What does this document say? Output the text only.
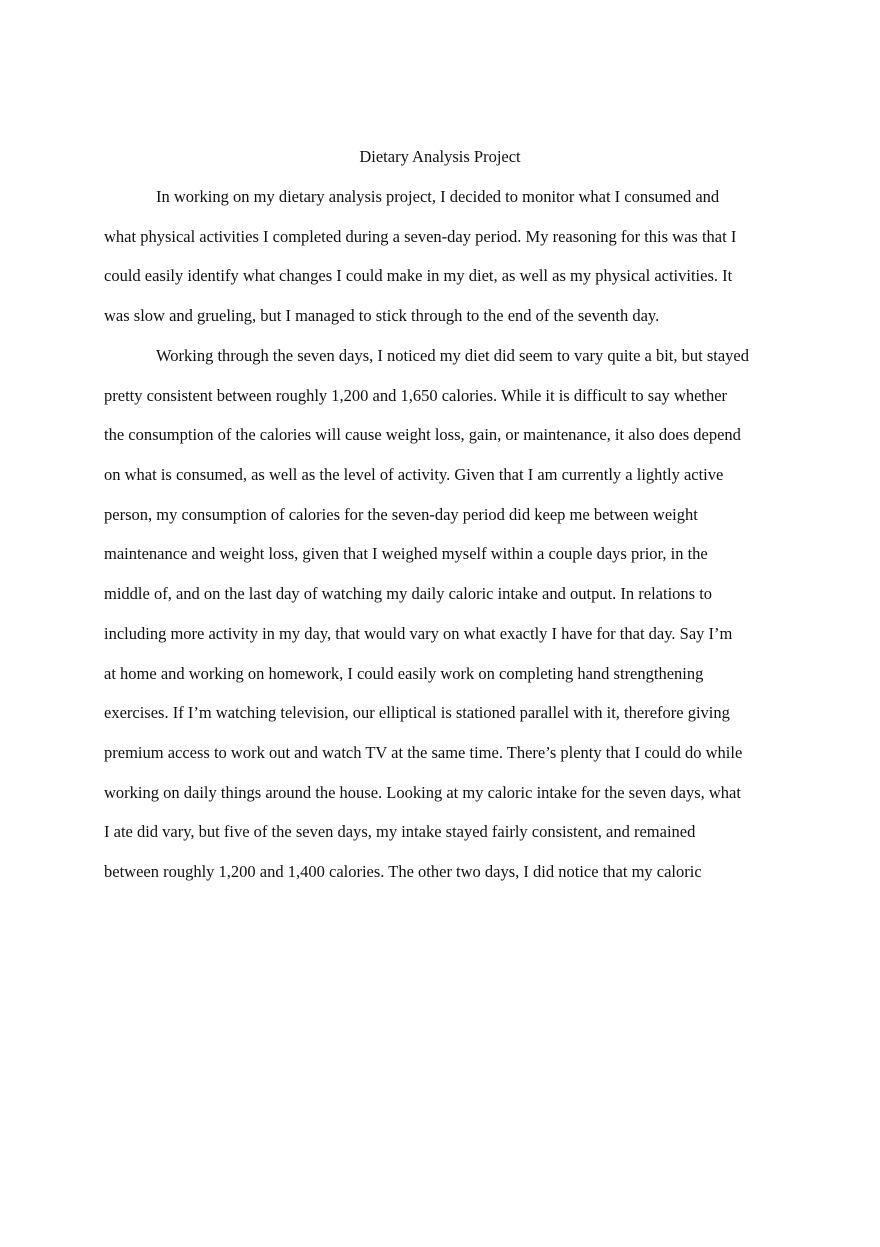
Dietary Analysis Project
In working on my dietary analysis project, I decided to monitor what I consumed and
what physical activities I completed during a seven-day period. My reasoning for this was that I
could easily identify what changes I could make in my diet, as well as my physical activities. It
was slow and grueling, but I managed to stick through to the end of the seventh day.
Working through the seven days, I noticed my diet did seem to vary quite a bit, but stayed
pretty consistent between roughly 1,200 and 1,650 calories. While it is difficult to say whether
the consumption of the calories will cause weight loss, gain, or maintenance, it also does depend
on what is consumed, as well as the level of activity. Given that I am currently a lightly active
person, my consumption of calories for the seven-day period did keep me between weight
maintenance and weight loss, given that I weighed myself within a couple days prior, in the
middle of, and on the last day of watching my daily caloric intake and output. In relations to
including more activity in my day, that would vary on what exactly I have for that day. Say I’m
at home and working on homework, I could easily work on completing hand strengthening
exercises. If I’m watching television, our elliptical is stationed parallel with it, therefore giving
premium access to work out and watch TV at the same time. There’s plenty that I could do while
working on daily things around the house. Looking at my caloric intake for the seven days, what
I ate did vary, but five of the seven days, my intake stayed fairly consistent, and remained
between roughly 1,200 and 1,400 calories. The other two days, I did notice that my caloric
